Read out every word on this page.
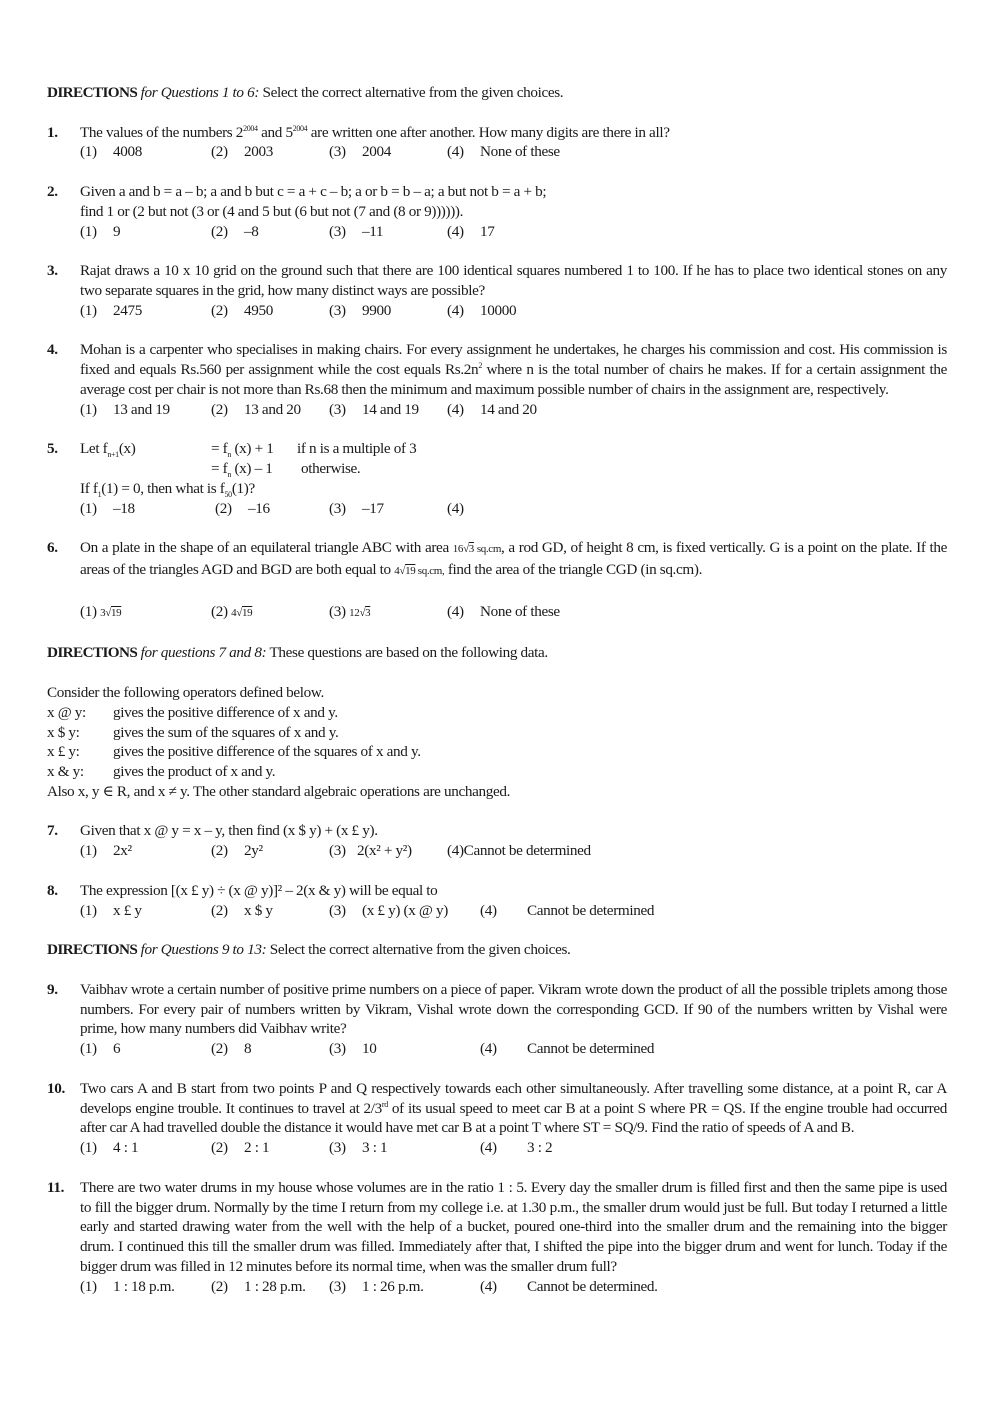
DIRECTIONS for Questions 1 to 6: Select the correct alternative from the given choices.

1. The values of the numbers $2^{2004}$ and $5^{2004}$ are written one after another. How many digits are there in all?
(1) 4008	(2) 2003	(3) 2004	(4) None of these
2. Given a and b = a – b; a and b but c = a + c – b; a or b = b – a; a but not b = a + b;
find 1 or (2 but not (3 or (4 and 5 but (6 but not (7 and (8 or 9)))))).
(1) 9	(2) –8	(3) –11	(4) 17
3. Rajat draws a 10 x 10 grid on the ground such that there are 100 identical squares numbered 1 to 100. If he has to place two identical stones on any two separate squares in the grid, how many distinct ways are possible?
(1) 2475	(2) 4950	(3) 9900	(4) 10000
4. Mohan is a carpenter who specialises in making chairs. For every assignment he undertakes, he charges his commission and cost. His commission is fixed and equals Rs.560 per assignment while the cost equals $Rs.2n^2$ where n is the total number of chairs he makes. If for a certain assignment the average cost per chair is not more than Rs.68 then the minimum and maximum possible number of chairs in the assignment are, respectively.
(1) 13 and 19	(2) 13 and 20	(3) 14 and 19	(4) 14 and 20
5. Let $f_{n+1}(x)$	= $f_n$ (x) + 1	if n is a multiple of 3
= $f_n$ (x) – 1	otherwise.
If $f_1(1) = 0$, then what is $f_{50}(1)$?
(1) –18	(2) –16	(3) –17	(4)
6. On a plate in the shape of an equilateral triangle ABC with area 16√3 sq.cm, a rod GD, of height 8 cm, is fixed vertically. G is a point on the plate. If the areas of the triangles AGD and BGD are both equal to 4√19 sq.cm, find the area of the triangle CGD (in sq.cm).
(1) 3√19	(2) 4√19	(3) 12√3	(4) None of these

DIRECTIONS for questions 7 and 8: These questions are based on the following data.

Consider the following operators defined below.
x @ y:	gives the positive difference of x and y.
x $ y:	gives the sum of the squares of x and y.
x £ y:	gives the positive difference of the squares of x and y.
x & y:	gives the product of x and y.
Also x, y ∈ R, and x ≠ y. The other standard algebraic operations are unchanged.
7. Given that x @ y = x – y, then find (x $ y) + (x £ y).
(1) 2x²	(2) 2y²	(3) 2(x² + y²)	(4)Cannot be determined
8. The expression [(x £ y) ÷ (x @ y)]² – 2(x & y) will be equal to
(1) x £ y	(2) x $ y	(3) (x £ y) (x @ y)	(4) Cannot be determined

DIRECTIONS for Questions 9 to 13: Select the correct alternative from the given choices.

9. Vaibhav wrote a certain number of positive prime numbers on a piece of paper. Vikram wrote down the product of all the possible triplets among those numbers. For every pair of numbers written by Vikram, Vishal wrote down the corresponding GCD. If 90 of the numbers written by Vishal were prime, how many numbers did Vaibhav write?
(1) 6	(2) 8	(3) 10	(4) Cannot be determined
10. Two cars A and B start from two points P and Q respectively towards each other simultaneously. After travelling some distance, at a point R, car A develops engine trouble. It continues to travel at 2/3rd of its usual speed to meet car B at a point S where PR = QS. If the engine trouble had occurred after car A had travelled double the distance it would have met car B at a point T where ST = SQ/9. Find the ratio of speeds of A and B.
(1) 4 : 1	(2) 2 : 1	(3) 3 : 1	(4) 3 : 2
11. There are two water drums in my house whose volumes are in the ratio 1 : 5. Every day the smaller drum is filled first and then the same pipe is used to fill the bigger drum. Normally by the time I return from my college i.e. at 1.30 p.m., the smaller drum would just be full. But today I returned a little early and started drawing water from the well with the help of a bucket, poured one-third into the smaller drum and the remaining into the bigger drum. I continued this till the smaller drum was filled. Immediately after that, I shifted the pipe into the bigger drum and went for lunch. Today if the bigger drum was filled in 12 minutes before its normal time, when was the smaller drum full?
(1) 1 : 18 p.m.	(2) 1 : 28 p.m.	(3) 1 : 26 p.m.	(4) Cannot be determined.
